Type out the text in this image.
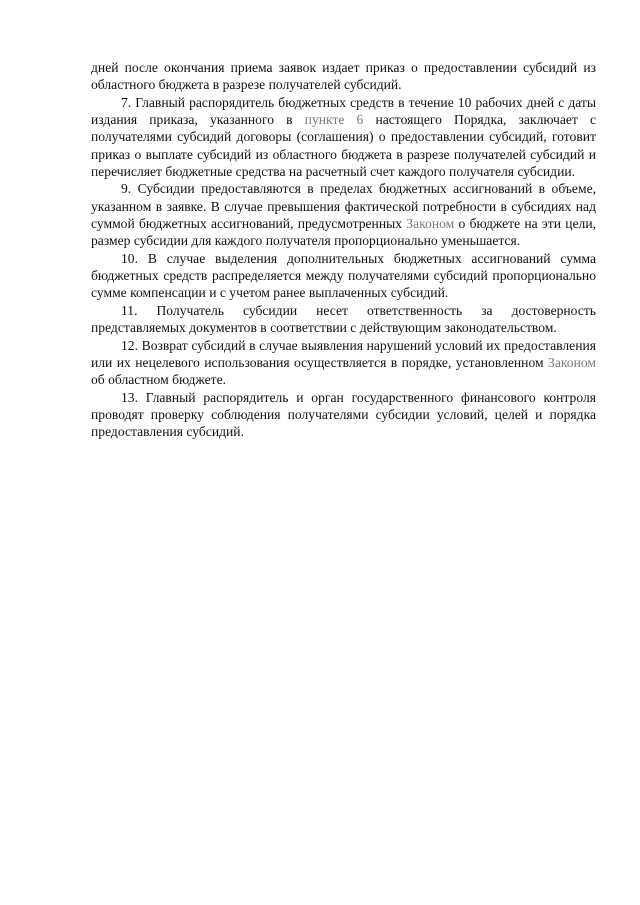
дней после окончания приема заявок издает приказ о предоставлении субсидий из областного бюджета в разрезе получателей субсидий.

7. Главный распорядитель бюджетных средств в течение 10 рабочих дней с даты издания приказа, указанного в пункте 6 настоящего Порядка, заключает с получателями субсидий договоры (соглашения) о предоставлении субсидий, готовит приказ о выплате субсидий из областного бюджета в разрезе получателей субсидий и перечисляет бюджетные средства на расчетный счет каждого получателя субсидии.

9. Субсидии предоставляются в пределах бюджетных ассигнований в объеме, указанном в заявке. В случае превышения фактической потребности в субсидиях над суммой бюджетных ассигнований, предусмотренных Законом о бюджете на эти цели, размер субсидии для каждого получателя пропорционально уменьшается.

10. В случае выделения дополнительных бюджетных ассигнований сумма бюджетных средств распределяется между получателями субсидий пропорционально сумме компенсации и с учетом ранее выплаченных субсидий.

11. Получатель субсидии несет ответственность за достоверность представляемых документов в соответствии с действующим законодательством.

12. Возврат субсидий в случае выявления нарушений условий их предоставления или их нецелевого использования осуществляется в порядке, установленном Законом об областном бюджете.

13. Главный распорядитель и орган государственного финансового контроля проводят проверку соблюдения получателями субсидии условий, целей и порядка предоставления субсидий.
